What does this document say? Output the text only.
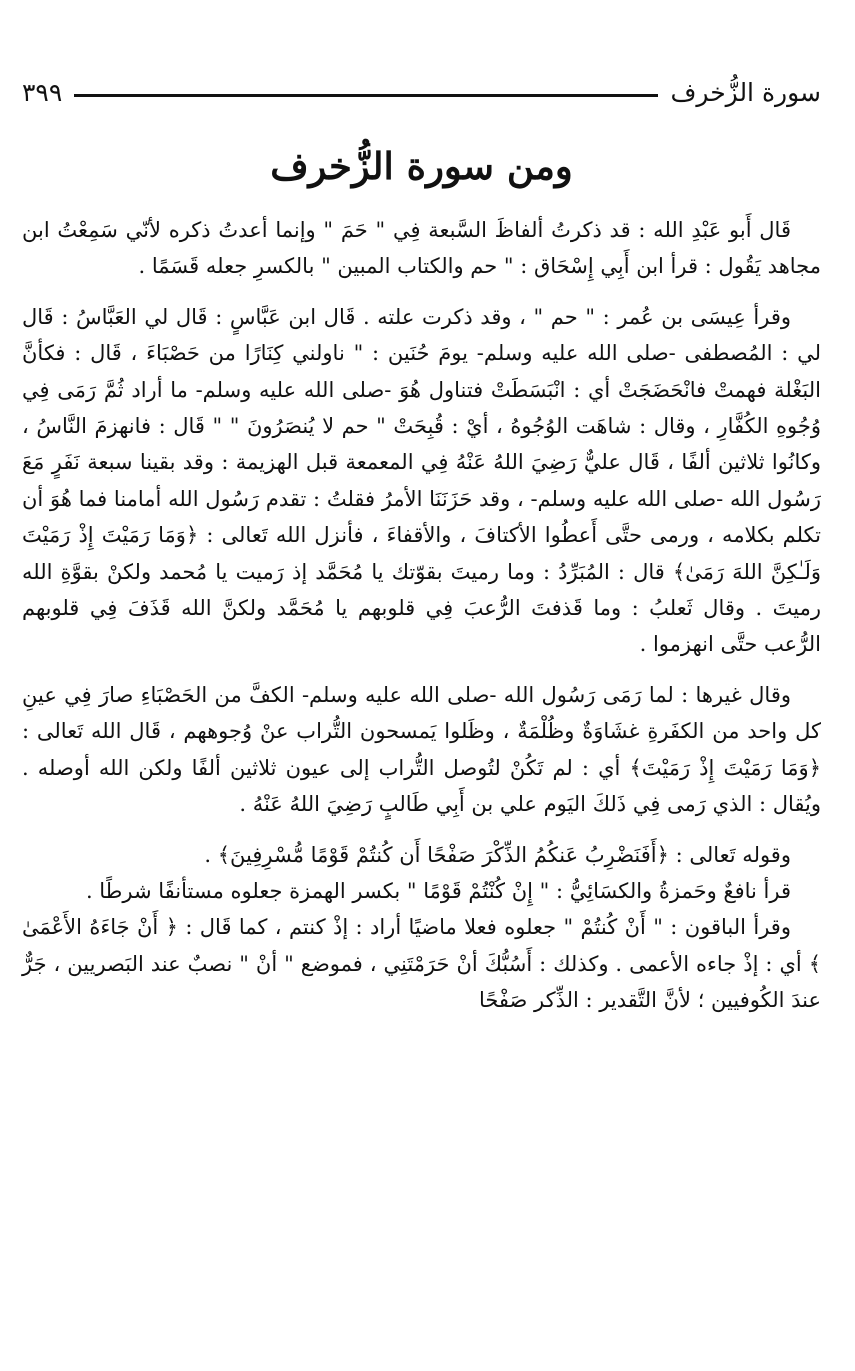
سورة الزُّخرف
٣٩٩
ومن سورة الزُّخرف

قَال أَبو عَبْدِ الله : قد ذكرتُ ألفاظَ السَّبعة فِي " حَمَ " وإنما أعدتُ ذكره لأنّي سَمِعْتُ ابن مجاهد يَقُول : قرأ ابن أَبِي إِسْحَاق : " حم والكتاب المبين " بالكسرِ جعله قَسَمًا .

وقرأ عِيسَى بن عُمر : " حم " ، وقد ذكرت علته . قَال ابن عَبَّاسٍ : قَال لي العَبَّاسُ : قَال لي : المُصطفى -صلى الله عليه وسلم- يومَ حُنَين : " ناولني كِنَارًا من حَصْبَاءَ ، قَال : فكأنَّ البَغْلة فهمتْ فانْحَضَجَتْ أي : انْبَسَطَتْ فتناول هُوَ -صلى الله عليه وسلم- ما أراد ثُمَّ رَمَى فِي وُجُوهِ الكُفَّارِ ، وقال : شاهَت الوُجُوهُ ، أيْ : قُبِحَتْ " حم لا يُنصَرُونَ " " قَال : فانهزمَ النَّاسُ ، وكانُوا ثلاثين ألفًا ، قَال عليٌّ رَضِيَ اللهُ عَنْهُ فِي المعمعة قبل الهزيمة : وقد بقينا سبعة نَفَرٍ مَعَ رَسُول الله -صلى الله عليه وسلم- ، وقد حَزَنَنَا الأمرُ فقلتُ : تقدم رَسُول الله أمامنا فما هُوَ أن تكلم بكلامه ، ورمى حتَّى أَعطُوا الأكتافَ ، والأقفاءَ ، فأنزل الله تَعالى : ﴿وَمَا رَمَيْتَ إِذْ رَمَيْتَ وَلَـٰكِنَّ اللهَ رَمَىٰ﴾ قال : المُبَرِّدُ : وما رميتَ بقوّتك يا مُحَمَّد إذ رَميت يا مُحمد ولكنْ بقوَّةِ الله رميتَ . وقال ثَعلبُ : وما قَذفتَ الرُّعبَ فِي قلوبهم يا مُحَمَّد ولكنَّ الله قَذَفَ فِي قلوبهم الرُّعب حتَّى انهزموا .

وقال غيرها : لما رَمَى رَسُول الله -صلى الله عليه وسلم- الكفَّ من الحَصْبَاءِ صارَ فِي عينِ كل واحد من الكفَرةِ غشَاوَةٌ وظُلْمَةٌ ، وظَلوا يَمسحون التُّراب عنْ وُجوههم ، قَال الله تَعالى : ﴿وَمَا رَمَيْتَ إِذْ رَمَيْتَ﴾ أي : لم تَكُنْ لتُوصل التُّراب إلى عيون ثلاثين ألفًا ولكن الله أوصله . ويُقال : الذي رَمى فِي ذَلكَ اليَوم علي بن أَبِي طَالبٍ رَضِيَ اللهُ عَنْهُ .

وقوله تَعالى : ﴿أَفَنَضْرِبُ عَنكُمُ الذِّكْرَ صَفْحًا أَن كُنتُمْ قَوْمًا مُّسْرِفِينَ﴾ .

قرأ نافعٌ وحَمزةُ والكسَائِيُّ : " إِنْ كُنْتُمْ قَوْمًا " بكسر الهمزة جعلوه مستأنفًا شرطًا .

وقرأ الباقون : " أَنْ كُنتُمْ " جعلوه فعلا ماضيًا أراد : إذْ كنتم ، كما قَال : ﴿ أَنْ جَاءَهُ الأَعْمَىٰ ﴾ أي : إذْ جاءه الأعمى . وكذلك : أَسُبُّكَ أنْ حَرَمْتَنِي ، فموضع " أنْ " نصبٌ عند البَصريين ، جَرٌّ عندَ الكُوفيين ؛ لأنَّ التَّقدير : الذِّكر صَفْحًا
